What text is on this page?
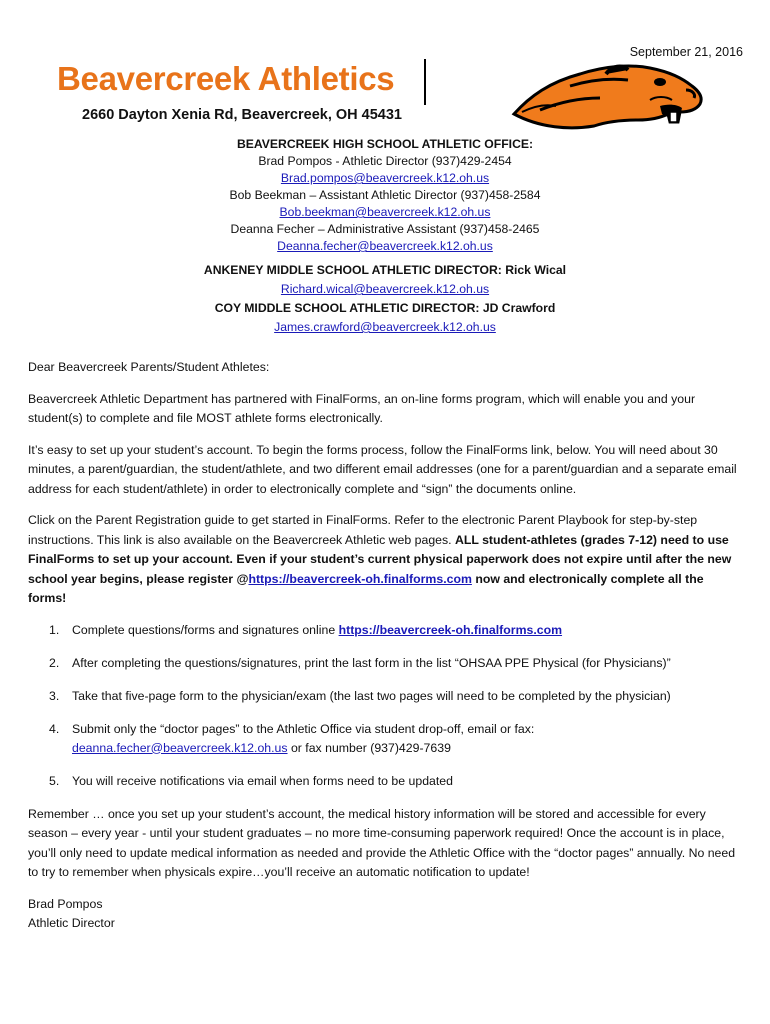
September 21, 2016
Beavercreek Athletics
2660 Dayton Xenia Rd, Beavercreek, OH 45431
BEAVERCREEK HIGH SCHOOL ATHLETIC OFFICE:
Brad Pompos - Athletic Director (937)429-2454
Brad.pompos@beavercreek.k12.oh.us
Bob Beekman – Assistant Athletic Director (937)458-2584
Bob.beekman@beavercreek.k12.oh.us
Deanna Fecher – Administrative Assistant (937)458-2465
Deanna.fecher@beavercreek.k12.oh.us
ANKENEY MIDDLE SCHOOL ATHLETIC DIRECTOR: Rick Wical
Richard.wical@beavercreek.k12.oh.us
COY MIDDLE SCHOOL ATHLETIC DIRECTOR: JD Crawford
James.crawford@beavercreek.k12.oh.us

Dear Beavercreek Parents/Student Athletes:

Beavercreek Athletic Department has partnered with FinalForms, an on-line forms program, which will enable you and your student(s) to complete and file MOST athlete forms electronically.

It’s easy to set up your student’s account. To begin the forms process, follow the FinalForms link, below. You will need about 30 minutes, a parent/guardian, the student/athlete, and two different email addresses (one for a parent/guardian and a separate email address for each student/athlete) in order to electronically complete and “sign” the documents online.

Click on the Parent Registration guide to get started in FinalForms. Refer to the electronic Parent Playbook for step-by-step instructions. This link is also available on the Beavercreek Athletic web pages. ALL student-athletes (grades 7-12) need to use FinalForms to set up your account. Even if your student’s current physical paperwork does not expire until after the new school year begins, please register @https://beavercreek-oh.finalforms.com now and electronically complete all the forms!

1. Complete questions/forms and signatures online https://beavercreek-oh.finalforms.com
2. After completing the questions/signatures, print the last form in the list “OHSAA PPE Physical (for Physicians)”
3. Take that five-page form to the physician/exam (the last two pages will need to be completed by the physician)
4. Submit only the “doctor pages” to the Athletic Office via student drop-off, email or fax:
deanna.fecher@beavercreek.k12.oh.us or fax number (937)429-7639
5. You will receive notifications via email when forms need to be updated

Remember … once you set up your student’s account, the medical history information will be stored and accessible for every season – every year - until your student graduates – no more time-consuming paperwork required! Once the account is in place, you’ll only need to update medical information as needed and provide the Athletic Office with the “doctor pages” annually. No need to try to remember when physicals expire…you’ll receive an automatic notification to update!

Brad Pompos
Athletic Director
